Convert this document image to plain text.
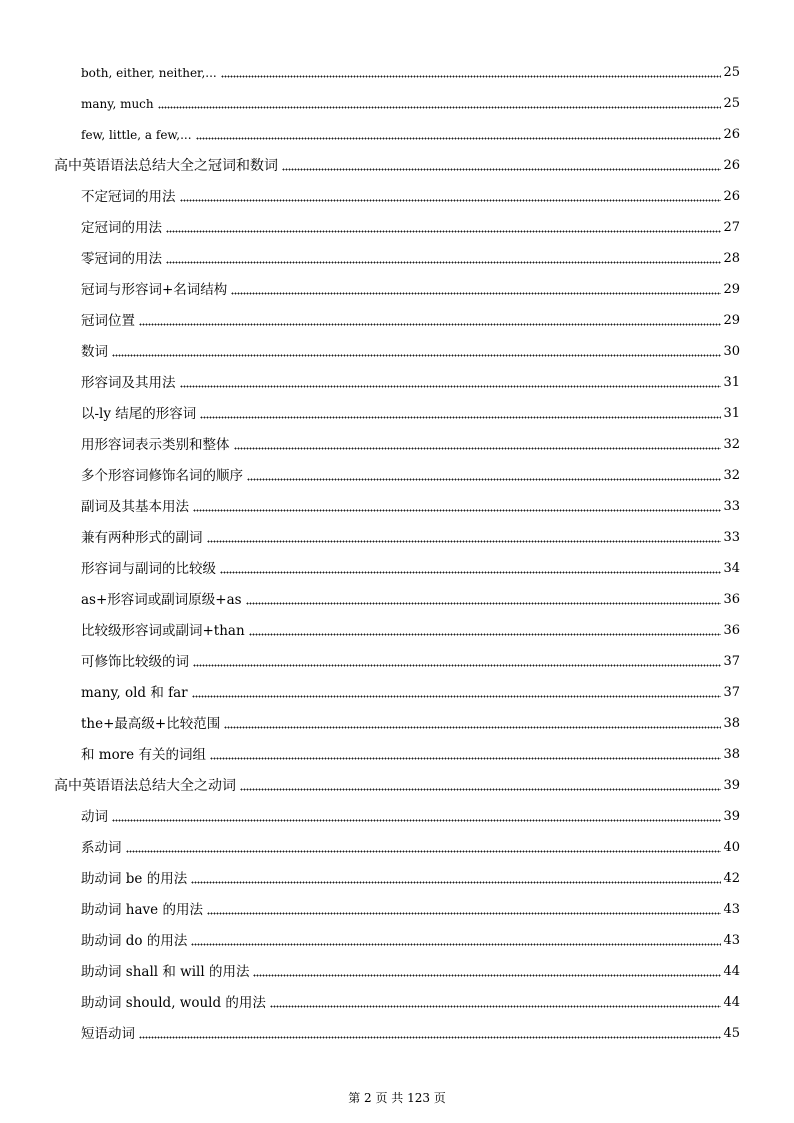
both, either, neither,...	25
many, much	25
few, little, a few,...	26
高中英语语法总结大全之冠词和数词	26
不定冠词的用法	26
定冠词的用法	27
零冠词的用法	28
冠词与形容词+名词结构	29
冠词位置	29
数词	30
形容词及其用法	31
以-ly 结尾的形容词	31
用形容词表示类别和整体	32
多个形容词修饰名词的顺序	32
副词及其基本用法	33
兼有两种形式的副词	33
形容词与副词的比较级	34
as+形容词或副词原级+as	36
比较级形容词或副词+than	36
可修饰比较级的词	37
many, old 和 far	37
the+最高级+比较范围	38
和 more 有关的词组	38
高中英语语法总结大全之动词	39
动词	39
系动词	40
助动词 be 的用法	42
助动词 have 的用法	43
助动词 do 的用法	43
助动词 shall 和 will 的用法	44
助动词 should, would 的用法	44
短语动词	45
第 2 页 共 123 页
